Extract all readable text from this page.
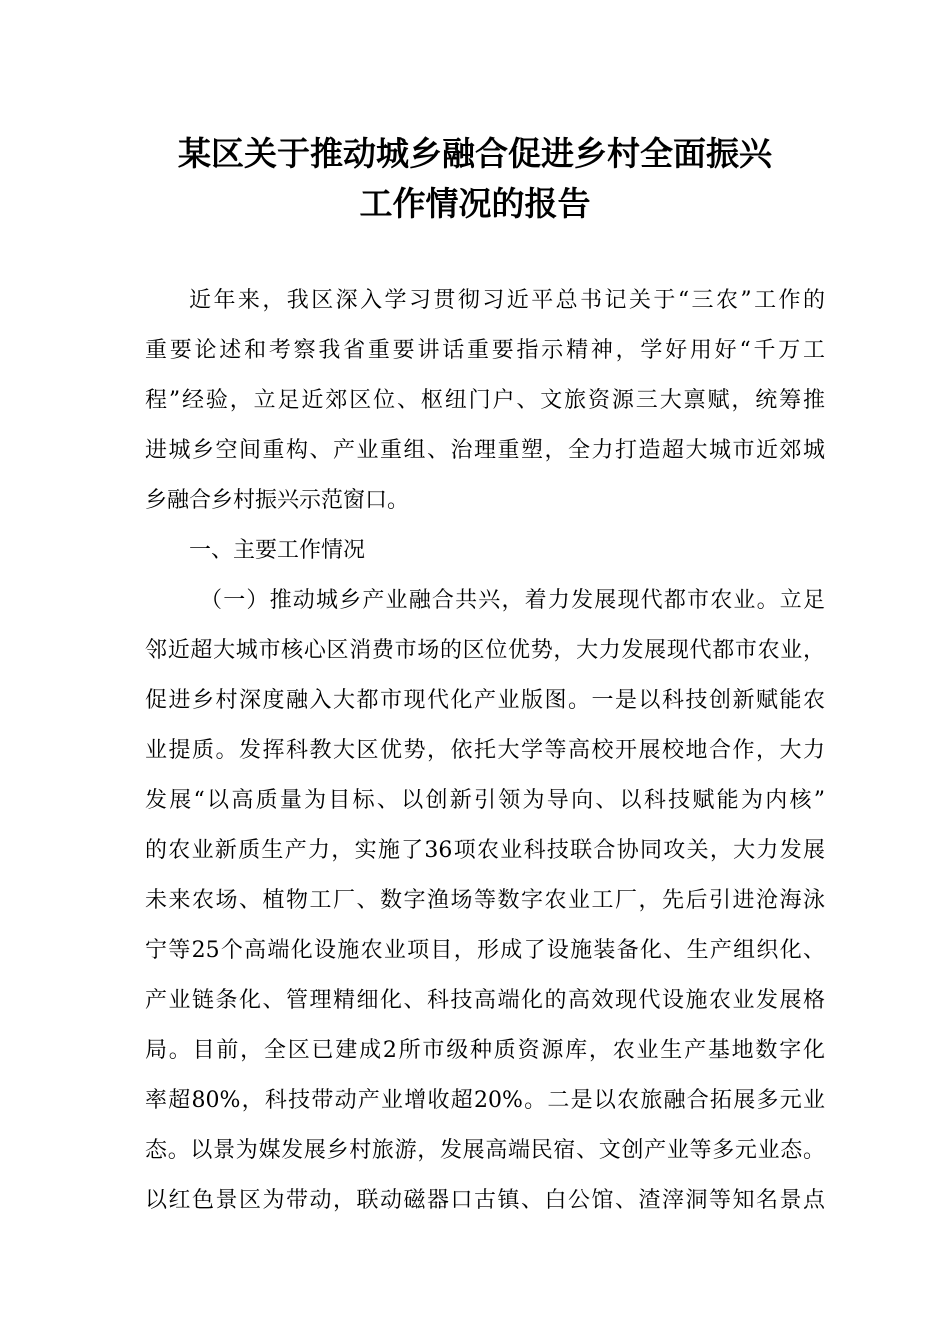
某区关于推动城乡融合促进乡村全面振兴
工作情况的报告

近年来，我区深入学习贯彻习近平总书记关于“三农”工作的

重要论述和考察我省重要讲话重要指示精神，学好用好“千万工

程”经验，立足近郊区位、枢纽门户、文旅资源三大禀赋，统筹推

进城乡空间重构、产业重组、治理重塑，全力打造超大城市近郊城

乡融合乡村振兴示范窗口。

一、主要工作情况

（一）推动城乡产业融合共兴，着力发展现代都市农业。立足

邻近超大城市核心区消费市场的区位优势，大力发展现代都市农业，

促进乡村深度融入大都市现代化产业版图。一是以科技创新赋能农

业提质。发挥科教大区优势，依托大学等高校开展校地合作，大力

发展“以高质量为目标、以创新引领为导向、以科技赋能为内核”

的农业新质生产力，实施了36项农业科技联合协同攻关，大力发展

未来农场、植物工厂、数字渔场等数字农业工厂，先后引进沧海泳

宁等25个高端化设施农业项目，形成了设施装备化、生产组织化、

产业链条化、管理精细化、科技高端化的高效现代设施农业发展格

局。目前，全区已建成2所市级种质资源库，农业生产基地数字化

率超80%，科技带动产业增收超20%。二是以农旅融合拓展多元业

态。以景为媒发展乡村旅游，发展高端民宿、文创产业等多元业态。

以红色景区为带动，联动磁器口古镇、白公馆、渣滓洞等知名景点
